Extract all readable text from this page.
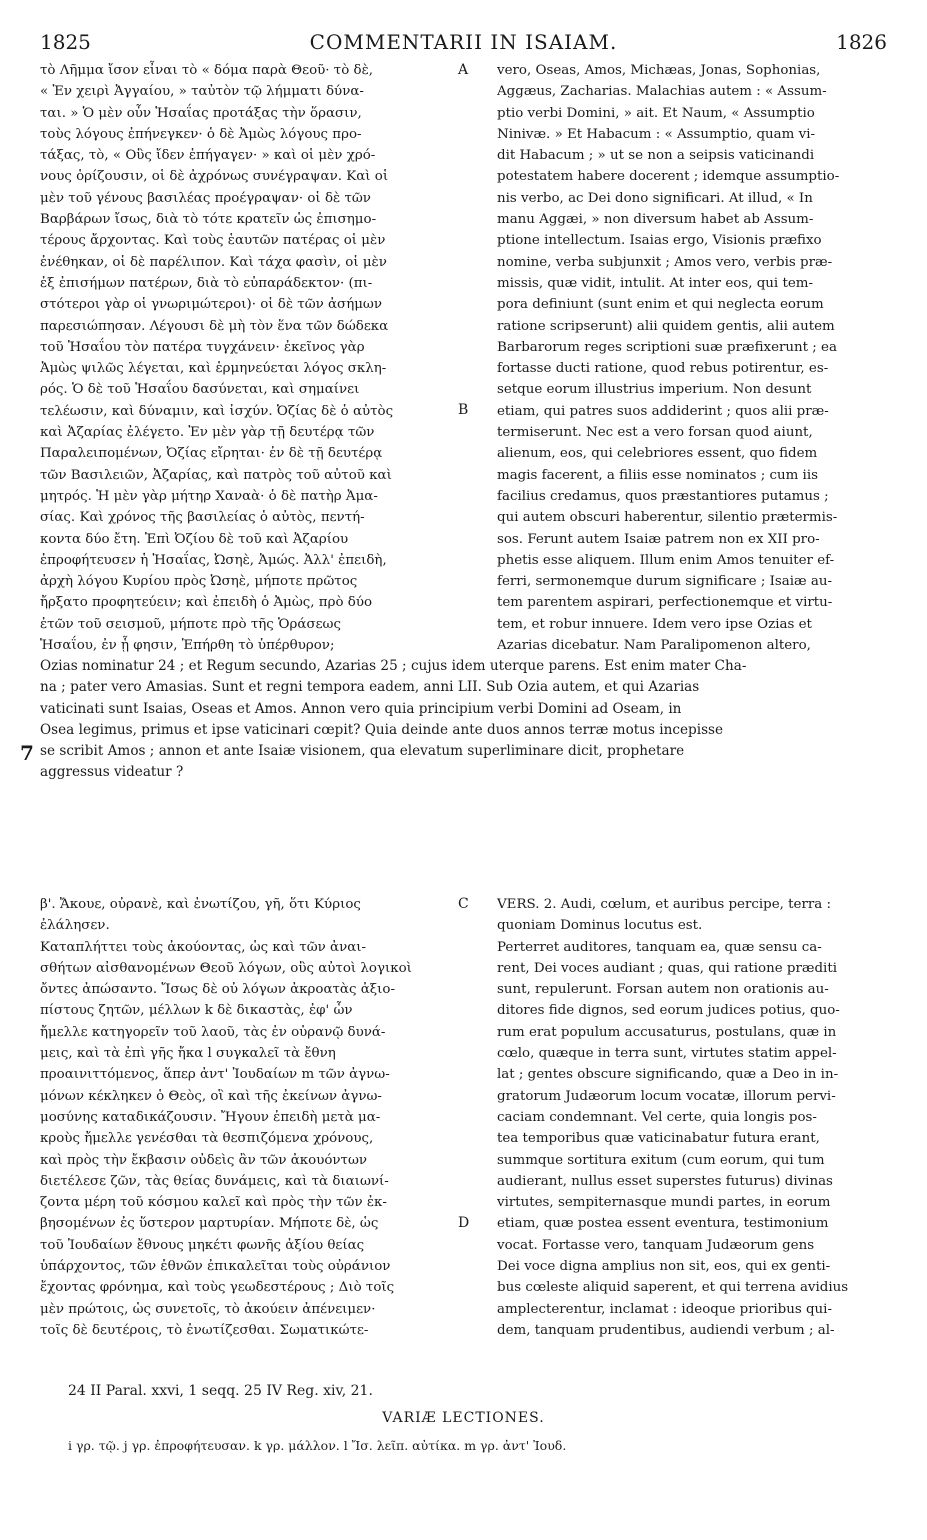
1825	COMMENTARII IN ISAIAM.	1826
τὸ Λῆμμα ἴσον εἶναι τὸ « δόμα παρὰ Θεοῦ· τὸ δὲ,
« Ἐν χειρὶ Ἀγγαίου, » ταὐτὸν τῷ λήμματι δύνα-
ται. » Ὁ μὲν οὖν Ἡσαΐας προτάξας τὴν ὅρασιν,
τοὺς λόγους ἐπήνεγκεν· ὁ δὲ Ἀμὼς λόγους προ-
τάξας, τὸ, « Οὓς ἴδεν ἐπήγαγεν· » καὶ οἱ μὲν χρό-
νους ὁρίζουσιν, οἱ δὲ ἀχρόνως συνέγραψαν. Καὶ οἱ
μὲν τοῦ γένους βασιλέας προέγραψαν· οἱ δὲ τῶν
Βαρβάρων ἴσως, διὰ τὸ τότε κρατεῖν ὡς ἐπισημο-
τέρους ἄρχοντας. Καὶ τοὺς ἑαυτῶν πατέρας οἱ μὲν
ἐνέθηκαν, οἱ δὲ παρέλιπον. Καὶ τάχα φασὶν, οἱ μὲν
ἐξ ἐπισήμων πατέρων, διὰ τὸ εὐπαράδεκτον· (πι-
στότεροι γὰρ οἱ γνωριμώτεροι)· οἱ δὲ τῶν ἀσήμων
παρεσιώπησαν. Λέγουσι δὲ μὴ τὸν ἕνα τῶν δώδεκα
τοῦ Ἡσαΐου τὸν πατέρα τυγχάνειν· ἐκεῖνος γὰρ
Ἀμὼς ψιλῶς λέγεται, καὶ ἑρμηνεύεται λόγος σκλη-
ρός. Ὁ δὲ τοῦ Ἡσαΐου δασύνεται, καὶ σημαίνει
τελέωσιν, καὶ δύναμιν, καὶ ἰσχύν. Ὀζίας δὲ ὁ αὐτὸς
καὶ Ἀζαρίας ἐλέγετο. Ἐν μὲν γὰρ τῇ δευτέρᾳ τῶν
Παραλειπομένων, Ὀζίας εἴρηται· ἐν δὲ τῇ δευτέρᾳ
τῶν Βασιλειῶν, Ἀζαρίας, καὶ πατρὸς τοῦ αὐτοῦ καὶ
μητρός. Ἡ μὲν γὰρ μήτηρ Χαναὰ· ὁ δὲ πατὴρ Ἀμα-
σίας. Καὶ χρόνος τῆς βασιλείας ὁ αὐτὸς, πεντή-
κοντα δύο ἔτη. Ἐπὶ Ὀζίου δὲ τοῦ καὶ Ἀζαρίου
ἐπροφήτευσεν ἡ Ἡσαΐας, Ὠσηὲ, Ἀμώς. Ἀλλ' ἐπειδὴ,
ἀρχὴ λόγου Κυρίου πρὸς Ὠσηὲ, μήποτε πρῶτος
ἤρξατο προφητεύειν; καὶ ἐπειδὴ ὁ Ἀμὼς, πρὸ δύο
ἐτῶν τοῦ σεισμοῦ, μήποτε πρὸ τῆς Ὁράσεως
Ἡσαΐου, ἐν ᾗ φησιν, Ἐπήρθη τὸ ὑπέρθυρον;
vero, Oseas, Amos, Michæas, Jonas, Sophonias,
Aggæus, Zacharias. Malachias autem : « Assum-
ptio verbi Domini, » ait. Et Naum, « Assumptio
Ninivæ. » Et Habacum : « Assumptio, quam vi-
dit Habacum ; » ut se non a seipsis vaticinandi
potestatem habere docerent ; idemque assumptio-
nis verbo, ac Dei dono significari. At illud, « In
manu Aggæi, » non diversum habet ab Assum-
ptione intellectum. Isaias ergo, Visionis præfixo
nomine, verba subjunxit ; Amos vero, verbis præ-
missis, quæ vidit, intulit. At inter eos, qui tem-
pora definiunt (sunt enim et qui neglecta eorum
ratione scripserunt) alii quidem gentis, alii autem
Barbarorum reges scriptioni suæ præfixerunt ; ea
fortasse ducti ratione, quod rebus potirentur, es-
setque eorum illustrius imperium. Non desunt
etiam, qui patres suos addiderint ; quos alii præ-
termiserunt. Nec est a vero forsan quod aiunt,
alienum, eos, qui celebriores essent, quo fidem
magis facerent, a filiis esse nominatos ; cum iis
facilius credamus, quos præstantiores putamus ;
qui autem obscuri haberentur, silentio prætermis-
sos. Ferunt autem Isaiæ patrem non ex XII pro-
phetis esse aliquem. Illum enim Amos tenuiter ef-
ferri, sermonemque durum significare ; Isaiæ au-
tem parentem aspirari, perfectionemque et virtu-
tem, et robur innuere. Idem vero ipse Ozias et
Azarias dicebatur. Nam Paralipomenon altero,
A
B
Ozias nominatur 24 ; et Regum secundo, Azarias 25 ; cujus idem uterque parens. Est enim mater Cha-
na ; pater vero Amasias. Sunt et regni tempora eadem, anni LII. Sub Ozia autem, et qui Azarias
vaticinati sunt Isaias, Oseas et Amos. Annon vero quia principium verbi Domini ad Oseam, in
Osea legimus, primus et ipse vaticinari cœpit? Quia deinde ante duos annos terræ motus incepisse
se scribit Amos ; annon et ante Isaiæ visionem, qua elevatum superliminare dicit, prophetare
aggressus videatur ?
7
β'. Ἄκουε, οὐρανὲ, καὶ ἐνωτίζου, γῆ, ὅτι Κύριος
ἐλάλησεν.
Καταπλήττει τοὺς ἀκούοντας, ὡς καὶ τῶν ἀναι-
σθήτων αἰσθανομένων Θεοῦ λόγων, οὓς αὐτοὶ λογικοὶ
ὄντες ἀπώσαντο. Ἴσως δὲ οὐ λόγων ἀκροατὰς ἀξιο-
πίστους ζητῶν, μέλλων k δὲ δικαστὰς, ἐφ' ὧν
ἤμελλε κατηγορεῖν τοῦ λαοῦ, τὰς ἐν οὐρανῷ δυνά-
μεις, καὶ τὰ ἐπὶ γῆς ἤκα l συγκαλεῖ τὰ ἔθνη
προαινιττόμενος, ἅπερ ἀντ' Ἰουδαίων m τῶν ἀγνω-
μόνων κέκληκεν ὁ Θεὸς, οἳ καὶ τῆς ἐκείνων ἀγνω-
μοσύνης καταδικάζουσιν. Ἤγουν ἐπειδὴ μετὰ μα-
κροὺς ἤμελλε γενέσθαι τὰ θεσπιζόμενα χρόνους,
καὶ πρὸς τὴν ἔκβασιν οὐδεὶς ἂν τῶν ἀκουόντων
διετέλεσε ζῶν, τὰς θείας δυνάμεις, καὶ τὰ διαιωνί-
ζοντα μέρη τοῦ κόσμου καλεῖ καὶ πρὸς τὴν τῶν ἐκ-
βησομένων ἐς ὕστερον μαρτυρίαν. Μήποτε δὲ, ὡς
τοῦ Ἰουδαίων ἔθνους μηκέτι φωνῆς ἀξίου θείας
ὑπάρχοντος, τῶν ἐθνῶν ἐπικαλεῖται τοὺς οὐράνιον
ἔχοντας φρόνημα, καὶ τοὺς γεωδεστέρους ; Διὸ τοῖς
μὲν πρώτοις, ὡς συνετοῖς, τὸ ἀκούειν ἀπένειμεν·
τοῖς δὲ δευτέροις, τὸ ἐνωτίζεσθαι. Σωματικώτε-
VERS. 2. Audi, cœlum, et auribus percipe, terra :
quoniam Dominus locutus est.
Perterret auditores, tanquam ea, quæ sensu ca-
rent, Dei voces audiant ; quas, qui ratione præditi
sunt, repulerunt. Forsan autem non orationis au-
ditores fide dignos, sed eorum judices potius, quo-
rum erat populum accusaturus, postulans, quæ in
cœlo, quæque in terra sunt, virtutes statim appel-
lat ; gentes obscure significando, quæ a Deo in in-
gratorum Judæorum locum vocatæ, illorum pervi-
caciam condemnant. Vel certe, quia longis pos-
tea temporibus quæ vaticinabatur futura erant,
summque sortitura exitum (cum eorum, qui tum
audierant, nullus esset superstes futurus) divinas
virtutes, sempiternasque mundi partes, in eorum
etiam, quæ postea essent eventura, testimonium
vocat. Fortasse vero, tanquam Judæorum gens
Dei voce digna amplius non sit, eos, qui ex genti-
bus cœleste aliquid saperent, et qui terrena avidius
amplecterentur, inclamat : ideoque prioribus qui-
dem, tanquam prudentibus, audiendi verbum ; al-
C
D
24 II Paral. xxvi, 1 seqq. 25 IV Reg. xiv, 21.
VARIÆ LECTIONES.
i γρ. τῷ. j γρ. ἐπροφήτευσαν. k γρ. μάλλον. l Ἴσ. λεῖπ. αὐτίκα. m γρ. ἀντ' Ἰουδ.
